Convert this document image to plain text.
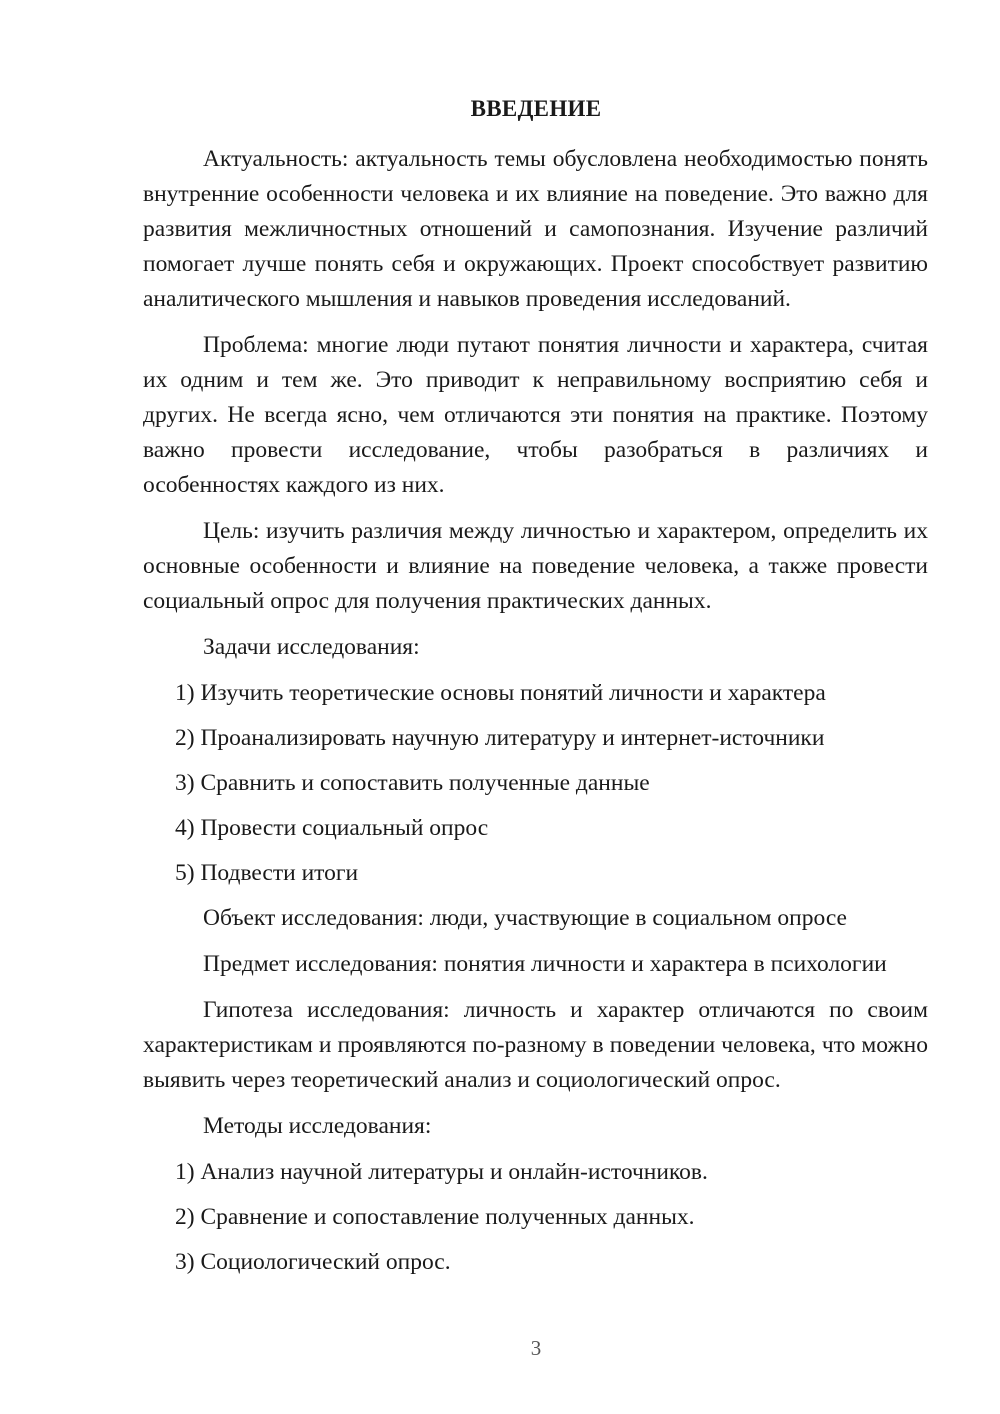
ВВЕДЕНИЕ

Актуальность: актуальность темы обусловлена необходимостью понять внутренние особенности человека и их влияние на поведение. Это важно для развития межличностных отношений и самопознания. Изучение различий помогает лучше понять себя и окружающих. Проект способствует развитию аналитического мышления и навыков проведения исследований.

Проблема: многие люди путают понятия личности и характера, считая их одним и тем же. Это приводит к неправильному восприятию себя и других. Не всегда ясно, чем отличаются эти понятия на практике. Поэтому важно провести исследование, чтобы разобраться в различиях и особенностях каждого из них.

Цель: изучить различия между личностью и характером, определить их основные особенности и влияние на поведение человека, а также провести социальный опрос для получения практических данных.

Задачи исследования:

1) Изучить теоретические основы понятий личности и характера

2) Проанализировать научную литературу и интернет-источники

3) Сравнить и сопоставить полученные данные

4) Провести социальный опрос

5) Подвести итоги

Объект исследования: люди, участвующие в социальном опросе

Предмет исследования: понятия личности и характера в психологии

Гипотеза исследования: личность и характер отличаются по своим характеристикам и проявляются по-разному в поведении человека, что можно выявить через теоретический анализ и социологический опрос.

Методы исследования:

1) Анализ научной литературы и онлайн-источников.

2) Сравнение и сопоставление полученных данных.

3) Социологический опрос.

3
